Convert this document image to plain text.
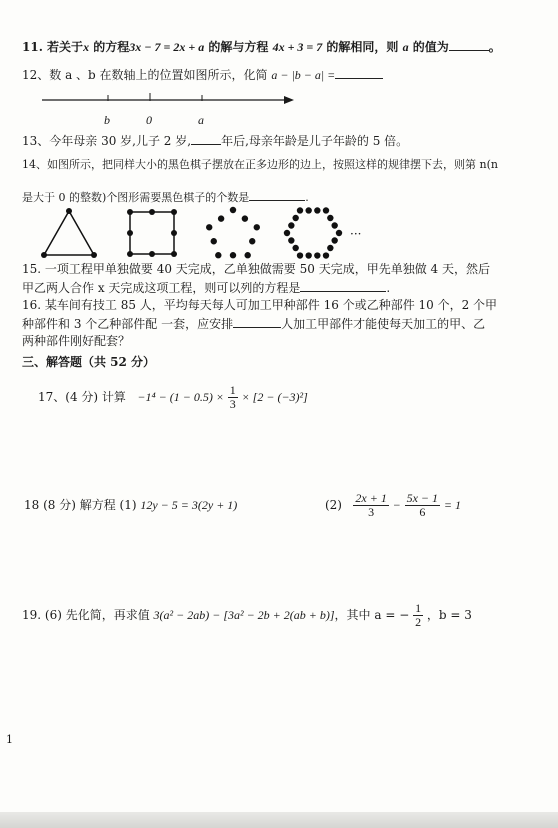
11. 若关于x 的方程3x − 7 = 2x + a 的解与方程 4x + 3 = 7 的解相同，则 a 的值为	。
12、数 a 、b 在数轴上的位置如图所示，化简 a − |b − a| =
b	0	a
13、今年母亲 30 岁,儿子 2 岁,	年后,母亲年龄是儿子年龄的 5 倍。
14、如图所示，把同样大小的黑色棋子摆放在正多边形的边上，按照这样的规律摆下去，则第 n(n
是大于 0 的整数)个图形需要黑色棋子的个数是	.
···
15. 一项工程甲单独做要 40 天完成，乙单独做需要 50 天完成，甲先单独做 4 天，然后
甲乙两人合作 x 天完成这项工程，则可以列的方程是	.
16. 某车间有技工 85 人，平均每天每人可加工甲种部件 16 个或乙种部件 10 个，2 个甲
种部件和 3 个乙种部件配 一套，应安排	人加工甲部件才能使每天加工的甲、乙
两种部件刚好配套？
三、解答题（共 52 分）
17、(4 分) 计算 $-1^4 - (1 - 0.5) \times \frac{1}{3} \times [2 - (-3)^2]$
18 (8 分) 解方程 (1) 12y − 5 = 3(2y + 1)	$(2) \frac{2x + 1}{3} - \frac{5x - 1}{6} = 1$
19. (6) 先化简，再求值 3(a² − 2ab) − [3a² − 2b + 2(ab + b)]，其中 a = − $\frac{1}{2}$ ，b = 3
1
